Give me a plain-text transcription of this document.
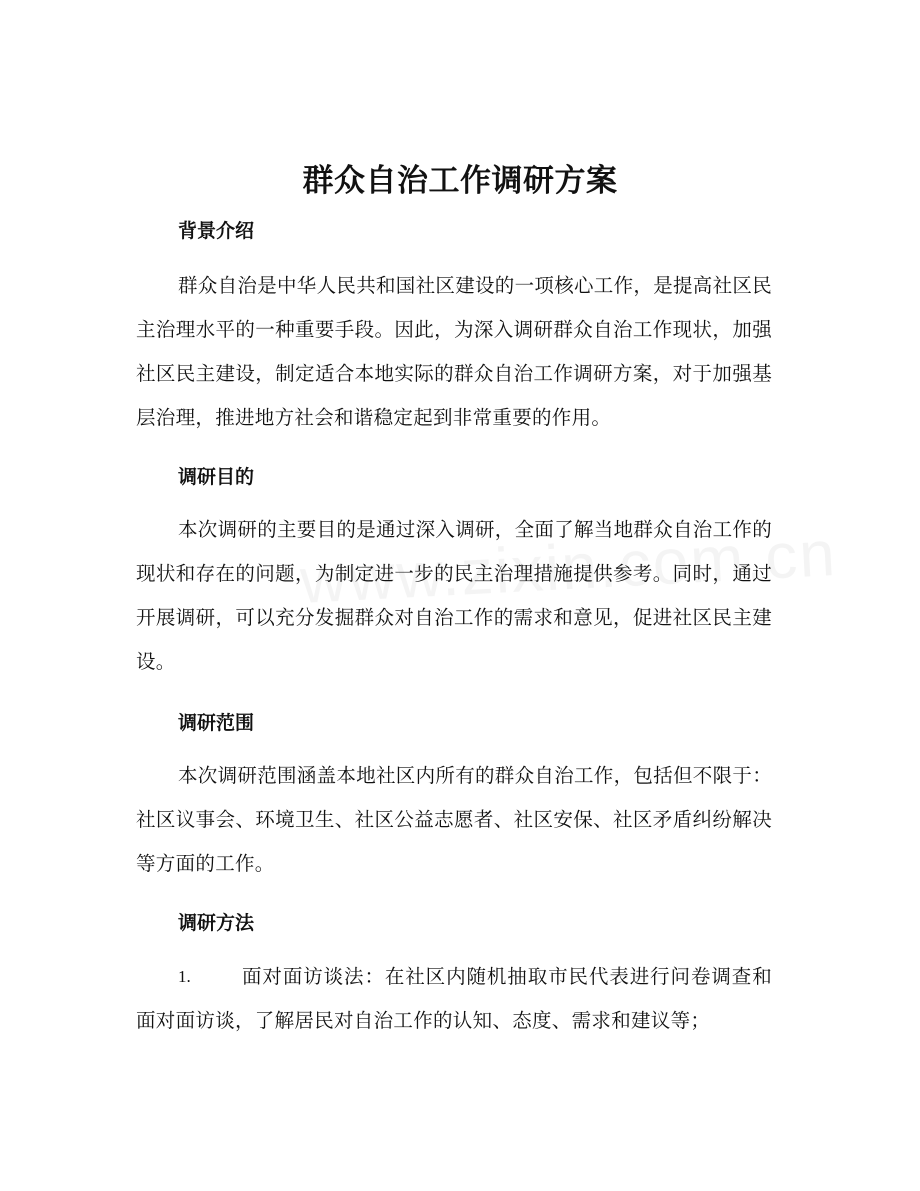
群众自治工作调研方案
背景介绍
群众自治是中华人民共和国社区建设的一项核心工作，是提高社区民主治理水平的一种重要手段。因此，为深入调研群众自治工作现状，加强社区民主建设，制定适合本地实际的群众自治工作调研方案，对于加强基层治理，推进地方社会和谐稳定起到非常重要的作用。
调研目的
本次调研的主要目的是通过深入调研，全面了解当地群众自治工作的现状和存在的问题，为制定进一步的民主治理措施提供参考。同时，通过开展调研，可以充分发掘群众对自治工作的需求和意见，促进社区民主建设。
调研范围
本次调研范围涵盖本地社区内所有的群众自治工作，包括但不限于：社区议事会、环境卫生、社区公益志愿者、社区安保、社区矛盾纠纷解决等方面的工作。
调研方法
1.	面对面访谈法：在社区内随机抽取市民代表进行问卷调查和面对面访谈，了解居民对自治工作的认知、态度、需求和建议等；
